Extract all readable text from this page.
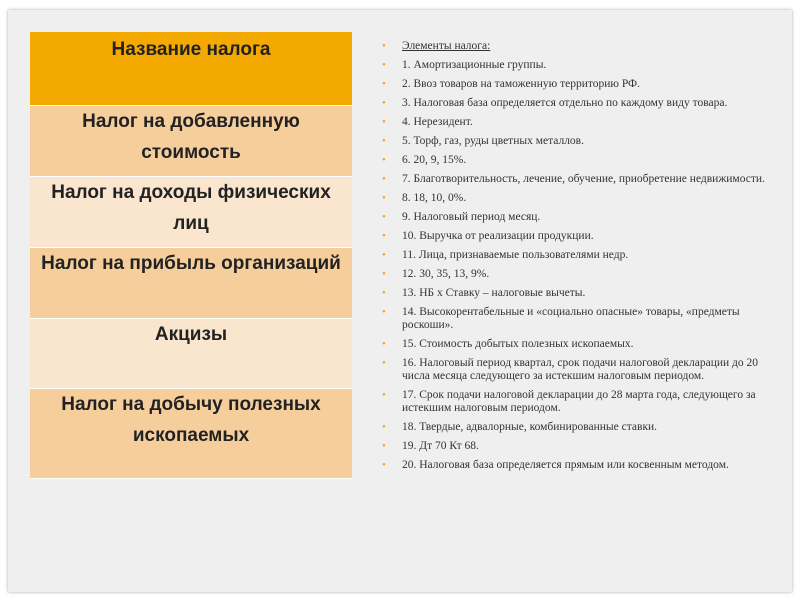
Название налога

Налог на добавленную стоимость

Налог на доходы физических лиц

Налог на прибыль организаций

Акцизы

Налог на добычу полезных ископаемых
• Элементы налога:
• 1. Амортизационные группы.
• 2. Ввоз товаров на таможенную территорию РФ.
• 3. Налоговая база определяется отдельно по каждому виду товара.
• 4. Нерезидент.
• 5. Торф, газ, руды цветных металлов.
• 6. 20, 9, 15%.
• 7. Благотворительность, лечение, обучение, приобретение недвижимости.
• 8. 18, 10, 0%.
• 9. Налоговый период месяц.
• 10. Выручка от реализации продукции.
• 11. Лица, признаваемые пользователями недр.
• 12. 30, 35, 13, 9%.
• 13. НБ х Ставку – налоговые вычеты.
• 14. Высокорентабельные и «социально опасные» товары, «предметы роскоши».
• 15. Стоимость добытых полезных ископаемых.
• 16. Налоговый период квартал, срок подачи налоговой декларации до 20 числа месяца следующего за истекшим налоговым периодом.
• 17. Срок подачи налоговой декларации до 28 марта года, следующего за истекшим налоговым периодом.
• 18. Твердые, адвалорные, комбинированные ставки.
• 19. Дт 70 Кт 68.
• 20. Налоговая база определяется прямым или косвенным методом.
